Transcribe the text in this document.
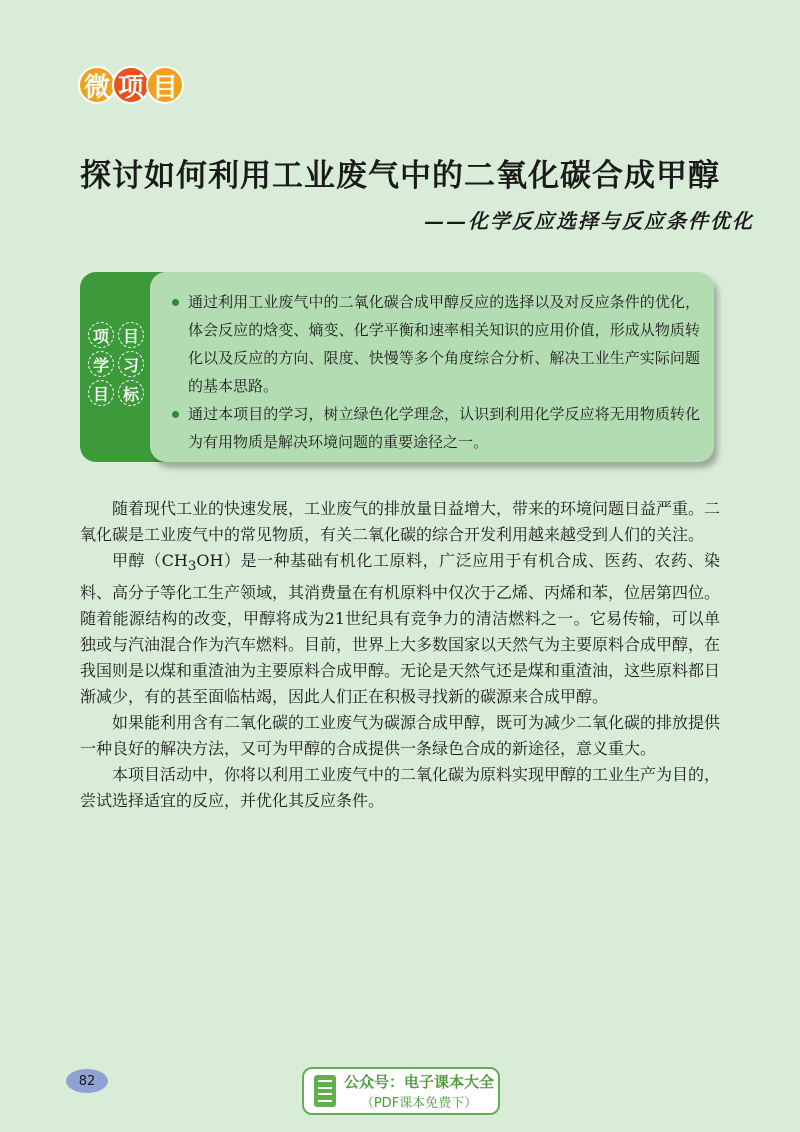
微 项 目
探讨如何利用工业废气中的二氧化碳合成甲醇
——化学反应选择与反应条件优化
项
学
目
目
习
标
通过利用工业废气中的二氧化碳合成甲醇反应的选择以及对反应条件的优化，体会反应的焓变、熵变、化学平衡和速率相关知识的应用价值，形成从物质转化以及反应的方向、限度、快慢等多个角度综合分析、解决工业生产实际问题的基本思路。
通过本项目的学习，树立绿色化学理念，认识到利用化学反应将无用物质转化为有用物质是解决环境问题的重要途径之一。

随着现代工业的快速发展，工业废气的排放量日益增大，带来的环境问题日益严重。二氧化碳是工业废气中的常见物质，有关二氧化碳的综合开发利用越来越受到人们的关注。

甲醇$(CH_3OH)$是一种基础有机化工原料，广泛应用于有机合成、医药、农药、染料、高分子等化工生产领域，其消费量在有机原料中仅次于乙烯、丙烯和苯，位居第四位。随着能源结构的改变，甲醇将成为21世纪具有竞争力的清洁燃料之一。它易传输，可以单独或与汽油混合作为汽车燃料。目前，世界上大多数国家以天然气为主要原料合成甲醇，在我国则是以煤和重渣油为主要原料合成甲醇。无论是天然气还是煤和重渣油，这些原料都日渐减少，有的甚至面临枯竭，因此人们正在积极寻找新的碳源来合成甲醇。

如果能利用含有二氧化碳的工业废气为碳源合成甲醇，既可为减少二氧化碳的排放提供一种良好的解决方法，又可为甲醇的合成提供一条绿色合成的新途径，意义重大。

本项目活动中，你将以利用工业废气中的二氧化碳为原料实现甲醇的工业生产为目的，尝试选择适宜的反应，并优化其反应条件。

82	公众号：电子课本大全
（PDF课本免费下）
